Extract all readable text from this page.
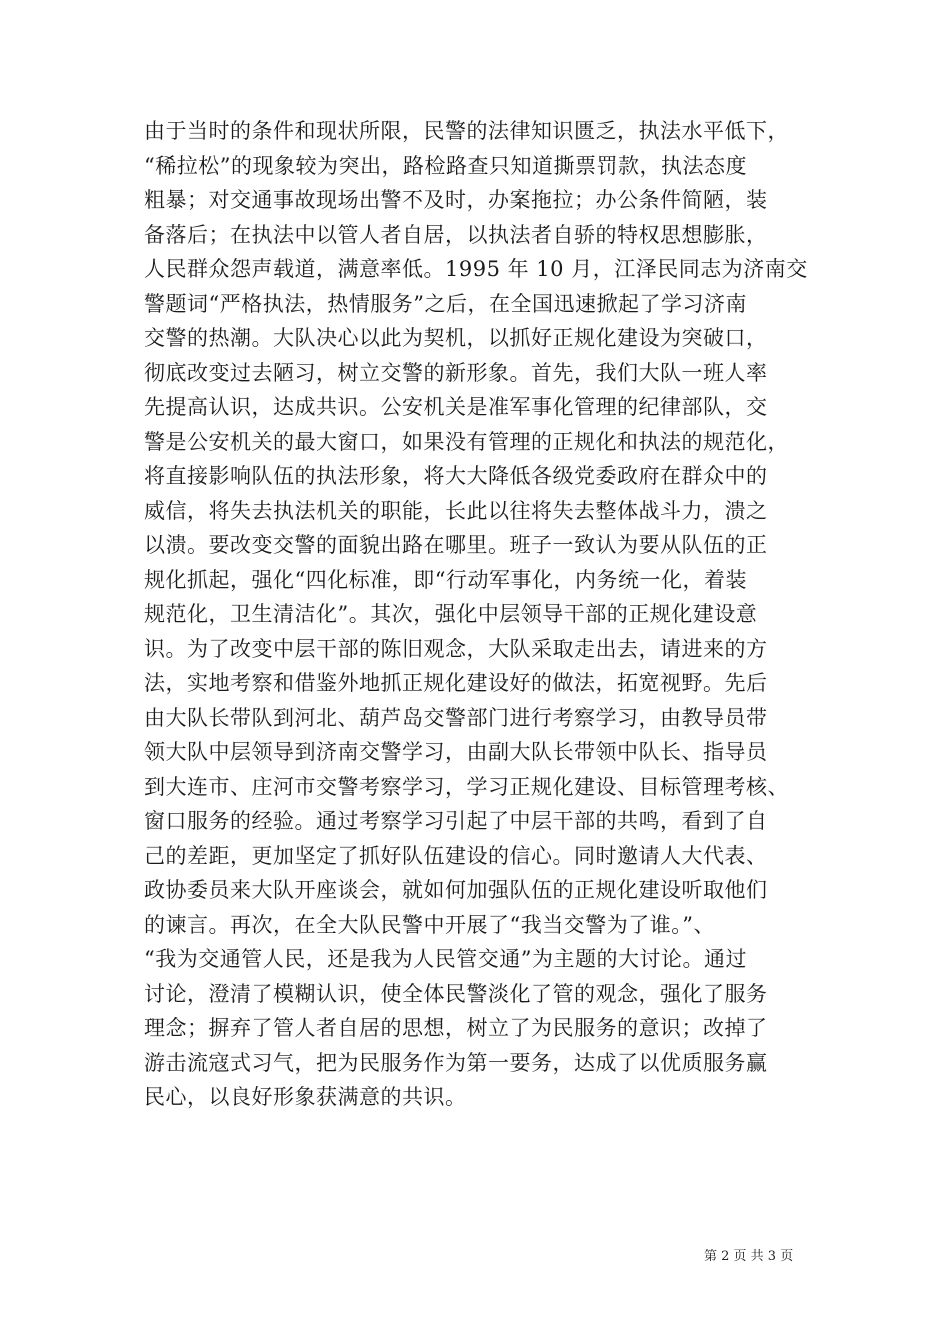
由于当时的条件和现状所限，民警的法律知识匮乏，执法水平低下，
“稀拉松”的现象较为突出，路检路查只知道撕票罚款，执法态度
粗暴；对交通事故现场出警不及时，办案拖拉；办公条件简陋，装
备落后；在执法中以管人者自居，以执法者自骄的特权思想膨胀，
人民群众怨声载道，满意率低。1995 年 10 月，江泽民同志为济南交
警题词“严格执法，热情服务”之后，在全国迅速掀起了学习济南
交警的热潮。大队决心以此为契机，以抓好正规化建设为突破口，
彻底改变过去陋习，树立交警的新形象。首先，我们大队一班人率
先提高认识，达成共识。公安机关是准军事化管理的纪律部队，交
警是公安机关的最大窗口，如果没有管理的正规化和执法的规范化，
将直接影响队伍的执法形象，将大大降低各级党委政府在群众中的
威信，将失去执法机关的职能，长此以往将失去整体战斗力，溃之
以溃。要改变交警的面貌出路在哪里。班子一致认为要从队伍的正
规化抓起，强化“四化标准，即“行动军事化，内务统一化，着装
规范化，卫生清洁化”。其次，强化中层领导干部的正规化建设意
识。为了改变中层干部的陈旧观念，大队采取走出去，请进来的方
法，实地考察和借鉴外地抓正规化建设好的做法，拓宽视野。先后
由大队长带队到河北、葫芦岛交警部门进行考察学习，由教导员带
领大队中层领导到济南交警学习，由副大队长带领中队长、指导员
到大连市、庄河市交警考察学习，学习正规化建设、目标管理考核、
窗口服务的经验。通过考察学习引起了中层干部的共鸣，看到了自
己的差距，更加坚定了抓好队伍建设的信心。同时邀请人大代表、
政协委员来大队开座谈会，就如何加强队伍的正规化建设听取他们
的谏言。再次，在全大队民警中开展了“我当交警为了谁。”、
“我为交通管人民，还是我为人民管交通”为主题的大讨论。通过
讨论，澄清了模糊认识，使全体民警淡化了管的观念，强化了服务
理念；摒弃了管人者自居的思想，树立了为民服务的意识；改掉了
游击流寇式习气，把为民服务作为第一要务，达成了以优质服务赢
民心，以良好形象获满意的共识。
第 2 页 共 3 页
